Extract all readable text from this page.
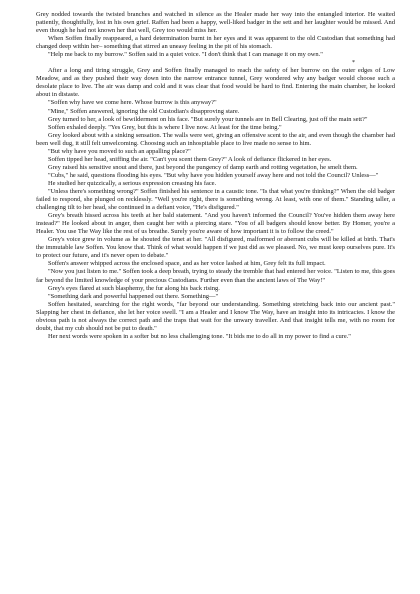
Grey nodded towards the twisted branches and watched in silence as the Healer made her way into the entangled interior. He waited patiently, thoughtfully, lost in his own grief. Raffen had been a happy, well-liked badger in the sett and her laughter would be missed. And even though he had not known her that well, Grey too would miss her.

When Soffen finally reappeared, a hard determination burnt in her eyes and it was apparent to the old Custodian that something had changed deep within her– something that stirred an uneasy feeling in the pit of his stomach.

"Help me back to my burrow." Soffen said in a quiet voice. "I don't think that I can manage it on my own."

*

After a long and tiring struggle, Grey and Soffen finally managed to reach the safety of her burrow on the outer edges of Low Meadow, and as they pushed their way down into the narrow entrance tunnel, Grey wondered why any badger would choose such a desolate place to live. The air was damp and cold and it was clear that food would be hard to find. Entering the main chamber, he looked about in distaste.

"Soffen why have we come here. Whose burrow is this anyway?"

"Mine," Soffen answered, ignoring the old Custodian's disapproving stare.

Grey turned to her, a look of bewilderment on his face. "But surely your tunnels are in Bell Clearing, just off the main sett?"

Soffen exhaled deeply. "Yes Grey, but this is where I live now. At least for the time being."

Grey looked about with a sinking sensation. The walls were wet, giving an offensive scent to the air, and even though the chamber had been well dug, it still felt unwelcoming. Choosing such an inhospitable place to live made no sense to him.

"But why have you moved to such an appalling place?"

Soffen tipped her head, sniffing the air. "Can't you scent them Grey?" A look of defiance flickered in her eyes.

Grey raised his sensitive snout and there, just beyond the pungency of damp earth and rotting vegetation, he smelt them.

"Cubs," he said, questions flooding his eyes. "But why have you hidden yourself away here and not told the Council? Unless—"

He studied her quizzically, a serious expression creasing his face.

"Unless there's something wrong?" Soffen finished his sentence in a caustic tone. "Is that what you're thinking?" When the old badger failed to respond, she plunged on recklessly. "Well you're right, there is something wrong. At least, with one of them." Standing taller, a challenging tilt to her head, she continued in a defiant voice, "He's disfigured."

Grey's breath hissed across his teeth at her bald statement. "And you haven't informed the Council? You've hidden them away here instead?" He looked about in anger, then caught her with a piercing stare. "You of all badgers should know better. By Homer, you're a Healer. You use The Way like the rest of us breathe. Surely you're aware of how important it is to follow the creed."

Grey's voice grew in volume as he shouted the tenet at her. "All disfigured, malformed or aberrant cubs will be killed at birth. That's the immutable law Soffen. You know that. Think of what would happen if we just did as we pleased. No, we must keep ourselves pure. It's to protect our future, and it's never open to debate."

Soffen's answer whipped across the enclosed space, and as her voice lashed at him, Grey felt its full impact.

"Now you just listen to me." Soffen took a deep breath, trying to steady the tremble that had entered her voice. "Listen to me, this goes far beyond the limited knowledge of your precious Custodians. Further even than the ancient laws of The Way!"

Grey's eyes flared at such blasphemy, the fur along his back rising.

"Something dark and powerful happened out there. Something—"

Soffen hesitated, searching for the right words, "far beyond our understanding. Something stretching back into our ancient past." Slapping her chest in defiance, she let her voice swell. "I am a Healer and I know The Way, have an insight into its intricacies. I know the obvious path is not always the correct path and the traps that wait for the unwary traveller. And that insight tells me, with no room for doubt, that my cub should not be put to death."

Her next words were spoken in a softer but no less challenging tone. "It bids me to do all in my power to find a cure."
